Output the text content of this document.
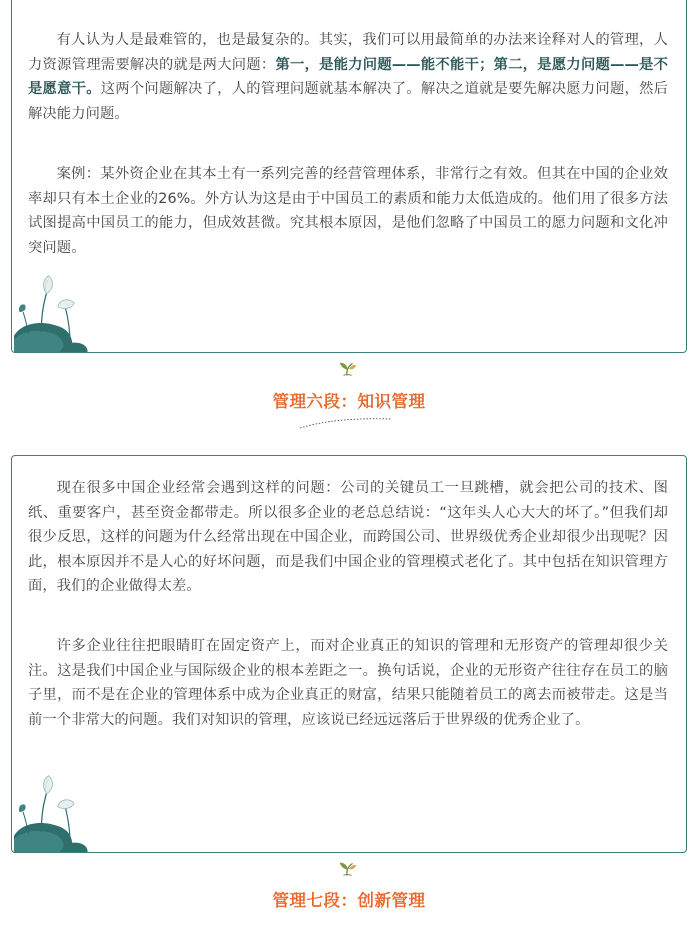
有人认为人是最难管的，也是最复杂的。其实，我们可以用最简单的办法来诠释对人的管理，人力资源管理需要解决的就是两大问题：第一，是能力问题——能不能干；第二，是愿力问题——是不是愿意干。这两个问题解决了，人的管理问题就基本解决了。解决之道就是要先解决愿力问题，然后解决能力问题。

案例：某外资企业在其本土有一系列完善的经营管理体系，非常行之有效。但其在中国的企业效率却只有本土企业的26%。外方认为这是由于中国员工的素质和能力太低造成的。他们用了很多方法试图提高中国员工的能力，但成效甚微。究其根本原因，是他们忽略了中国员工的愿力问题和文化冲突问题。

管理六段：知识管理

现在很多中国企业经常会遇到这样的问题：公司的关键员工一旦跳槽，就会把公司的技术、图纸、重要客户，甚至资金都带走。所以很多企业的老总总结说：“这年头人心大大的坏了。”但我们却很少反思，这样的问题为什么经常出现在中国企业，而跨国公司、世界级优秀企业却很少出现呢？因此，根本原因并不是人心的好坏问题，而是我们中国企业的管理模式老化了。其中包括在知识管理方面，我们的企业做得太差。

许多企业往往把眼睛盯在固定资产上，而对企业真正的知识的管理和无形资产的管理却很少关注。这是我们中国企业与国际级企业的根本差距之一。换句话说，企业的无形资产往往存在员工的脑子里，而不是在企业的管理体系中成为企业真正的财富，结果只能随着员工的离去而被带走。这是当前一个非常大的问题。我们对知识的管理，应该说已经远远落后于世界级的优秀企业了。

管理七段：创新管理
